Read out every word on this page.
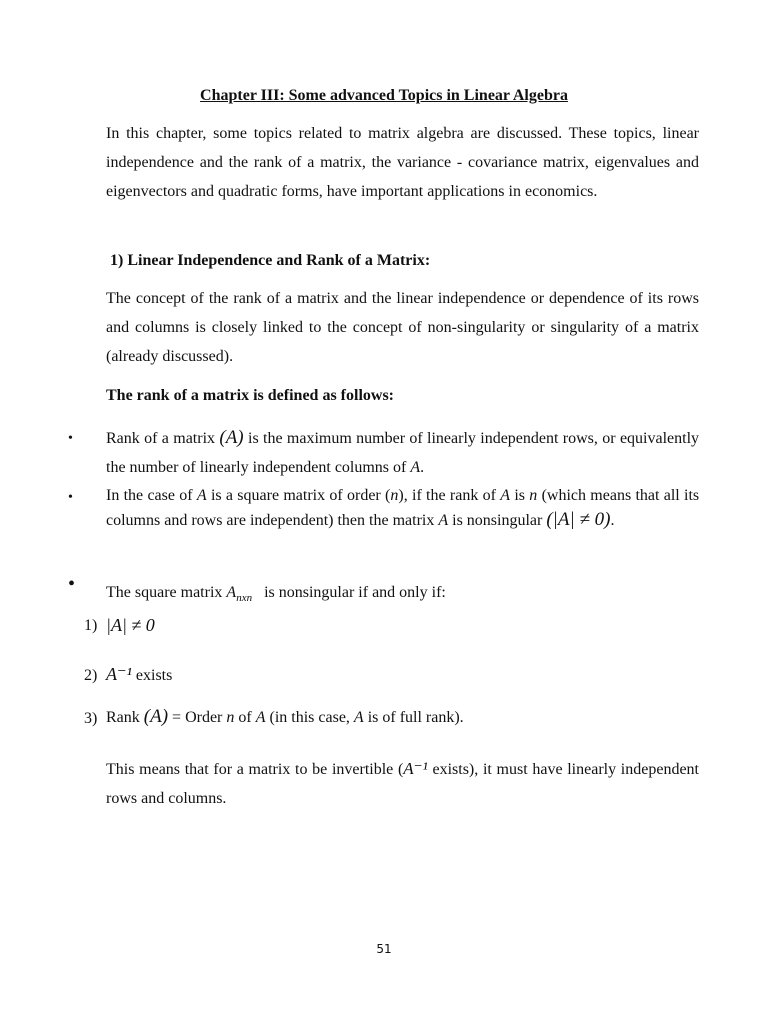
Chapter III: Some advanced Topics in Linear Algebra

In this chapter, some topics related to matrix algebra are discussed. These topics, linear independence and the rank of a matrix, the variance - covariance matrix, eigenvalues and eigenvectors and quadratic forms, have important applications in economics.

1) Linear Independence and Rank of a Matrix:

The concept of the rank of a matrix and the linear independence or dependence of its rows and columns is closely linked to the concept of non-singularity or singularity of a matrix (already discussed).

The rank of a matrix is defined as follows:

• Rank of a matrix (A) is the maximum number of linearly independent rows, or equivalently the number of linearly independent columns of A.

• In the case of A is a square matrix of order (n), if the rank of A is n (which means that all its columns and rows are independent) then the matrix A is nonsingular (|A| ≠ 0).

• The square matrix $A_{nxn}$ is nonsingular if and only if:

1) |A| ≠ 0
2) A⁻¹ exists
3) Rank (A) = Order n of A (in this case, A is of full rank).

This means that for a matrix to be invertible (A⁻¹ exists), it must have linearly independent rows and columns.

51
